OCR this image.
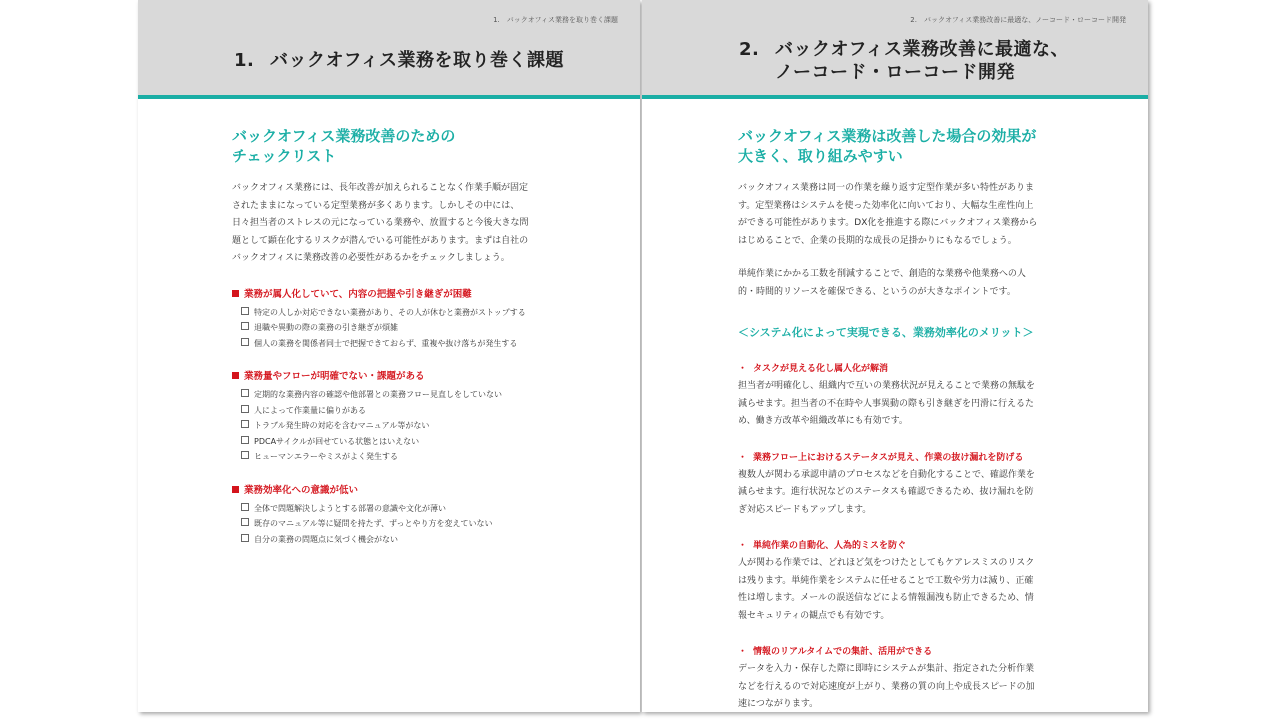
1.　バックオフィス業務を取り巻く課題
1. バックオフィス業務を取り巻く課題
バックオフィス業務改善のための
チェックリスト

バックオフィス業務には、長年改善が加えられることなく作業手順が固定
されたままになっている定型業務が多くあります。しかしその中には、
日々担当者のストレスの元になっている業務や、放置すると今後大きな問
題として顕在化するリスクが潜んでいる可能性があります。まずは自社の
バックオフィスに業務改善の必要性があるかをチェックしましょう。

業務が属人化していて、内容の把握や引き継ぎが困難
特定の人しか対応できない業務があり、その人が休むと業務がストップする
退職や異動の際の業務の引き継ぎが煩雑
個人の業務を関係者同士で把握できておらず、重複や抜け落ちが発生する
業務量やフローが明確でない・課題がある
定期的な業務内容の確認や他部署との業務フロー見直しをしていない
人によって作業量に偏りがある
トラブル発生時の対応を含むマニュアル等がない
PDCAサイクルが回せている状態とはいえない
ヒューマンエラーやミスがよく発生する
業務効率化への意識が低い
全体で問題解決しようとする部署の意識や文化が薄い
既存のマニュアル等に疑問を持たず、ずっとやり方を変えていない
自分の業務の問題点に気づく機会がない
2.　バックオフィス業務改善に最適な、ノーコード・ローコード開発
2. バックオフィス業務改善に最適な、
ノーコード・ローコード開発
バックオフィス業務は改善した場合の効果が
大きく、取り組みやすい

バックオフィス業務は同一の作業を繰り返す定型作業が多い特性がありま
す。定型業務はシステムを使った効率化に向いており、大幅な生産性向上
ができる可能性があります。DX化を推進する際にバックオフィス業務から
はじめることで、企業の長期的な成長の足掛かりにもなるでしょう。

単純作業にかかる工数を削減することで、創造的な業務や他業務への人
的・時間的リソースを確保できる、というのが大きなポイントです。

＜システム化によって実現できる、業務効率化のメリット＞
・ タスクが見える化し属人化が解消

担当者が明確化し、組織内で互いの業務状況が見えることで業務の無駄を
減らせます。担当者の不在時や人事異動の際も引き継ぎを円滑に行えるた
め、働き方改革や組織改革にも有効です。

・ 業務フロー上におけるステータスが見え、作業の抜け漏れを防げる

複数人が関わる承認申請のプロセスなどを自動化することで、確認作業を
減らせます。進行状況などのステータスも確認できるため、抜け漏れを防
ぎ対応スピードもアップします。

・ 単純作業の自動化、人為的ミスを防ぐ

人が関わる作業では、どれほど気をつけたとしてもケアレスミスのリスク
は残ります。単純作業をシステムに任せることで工数や労力は減り、正確
性は増します。メールの誤送信などによる情報漏洩も防止できるため、情
報セキュリティの観点でも有効です。

・ 情報のリアルタイムでの集計、活用ができる

データを入力・保存した際に即時にシステムが集計、指定された分析作業
などを行えるので対応速度が上がり、業務の質の向上や成長スピードの加
速につながります。
